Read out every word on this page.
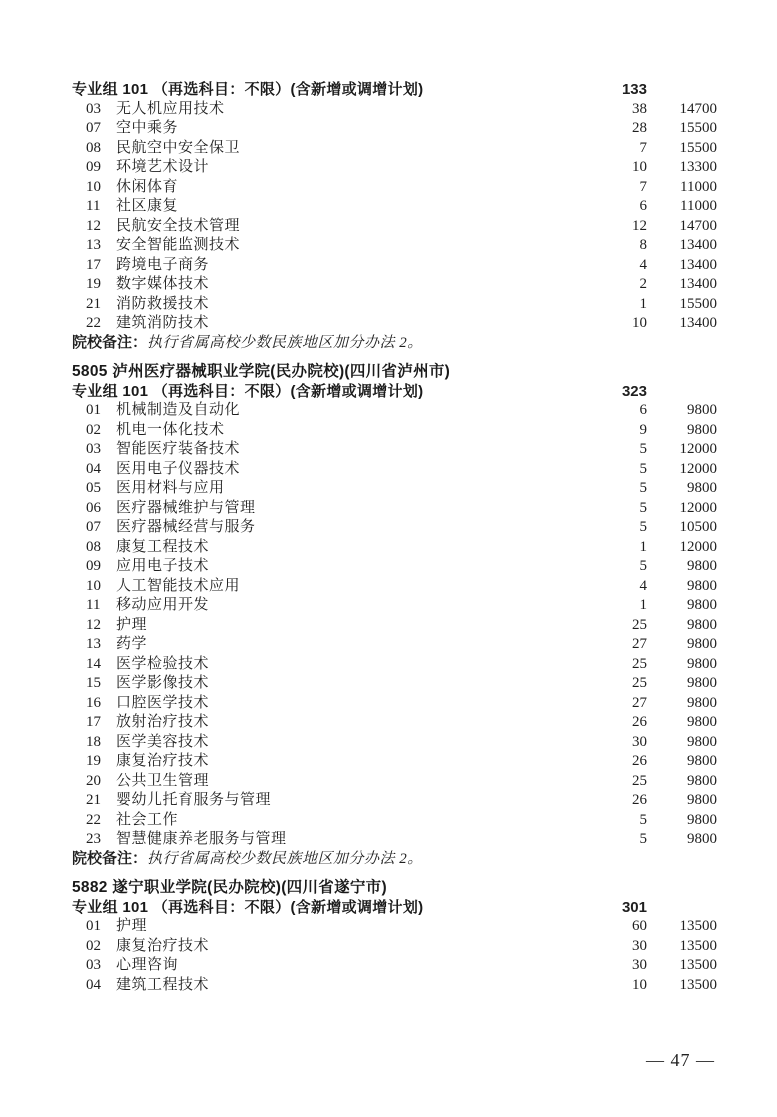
专业组 101 （再选科目：不限）(含新增或调增计划)	133
03 无人机应用技术	38	14700
07 空中乘务	28	15500
08 民航空中安全保卫	7	15500
09 环境艺术设计	10	13300
10 休闲体育	7	11000
11 社区康复	6	11000
12 民航安全技术管理	12	14700
13 安全智能监测技术	8	13400
17 跨境电子商务	4	13400
19 数字媒体技术	2	13400
21 消防救援技术	1	15500
22 建筑消防技术	10	13400
院校备注：执行省属高校少数民族地区加分办法 2。
5805 泸州医疗器械职业学院(民办院校)(四川省泸州市)
专业组 101 （再选科目：不限）(含新增或调增计划)	323
01 机械制造及自动化	6	9800
02 机电一体化技术	9	9800
03 智能医疗装备技术	5	12000
04 医用电子仪器技术	5	12000
05 医用材料与应用	5	9800
06 医疗器械维护与管理	5	12000
07 医疗器械经营与服务	5	10500
08 康复工程技术	1	12000
09 应用电子技术	5	9800
10 人工智能技术应用	4	9800
11 移动应用开发	1	9800
12 护理	25	9800
13 药学	27	9800
14 医学检验技术	25	9800
15 医学影像技术	25	9800
16 口腔医学技术	27	9800
17 放射治疗技术	26	9800
18 医学美容技术	30	9800
19 康复治疗技术	26	9800
20 公共卫生管理	25	9800
21 婴幼儿托育服务与管理	26	9800
22 社会工作	5	9800
23 智慧健康养老服务与管理	5	9800
院校备注：执行省属高校少数民族地区加分办法 2。
5882 遂宁职业学院(民办院校)(四川省遂宁市)
专业组 101 （再选科目：不限）(含新增或调增计划)	301
01 护理	60	13500
02 康复治疗技术	30	13500
03 心理咨询	30	13500
04 建筑工程技术	10	13500
— 47 —
